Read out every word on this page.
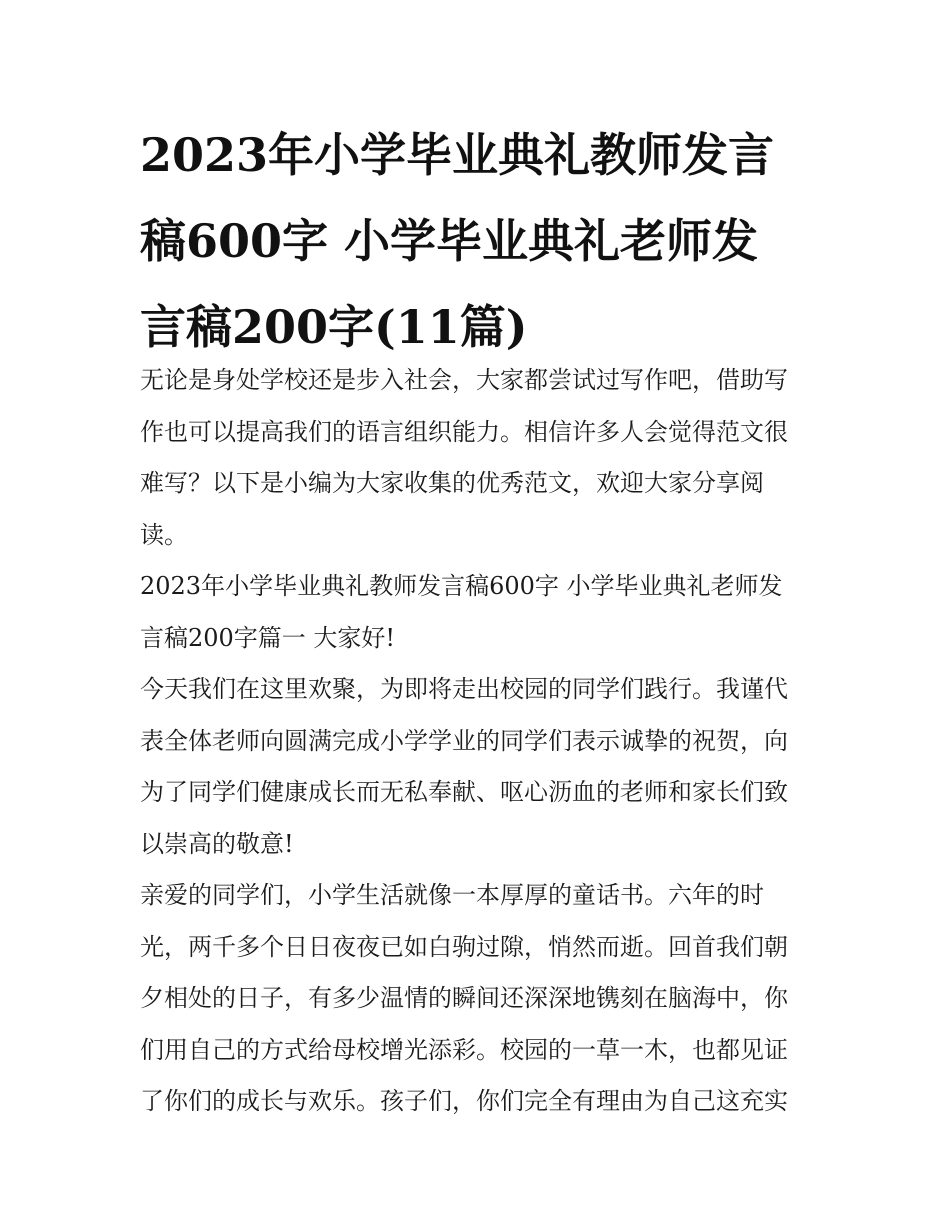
2023年小学毕业典礼教师发言
稿600字 小学毕业典礼老师发
言稿200字(11篇)
无论是身处学校还是步入社会，大家都尝试过写作吧，借助写
作也可以提高我们的语言组织能力。相信许多人会觉得范文很
难写？以下是小编为大家收集的优秀范文，欢迎大家分享阅
读。
2023年小学毕业典礼教师发言稿600字 小学毕业典礼老师发
言稿200字篇一 大家好!
今天我们在这里欢聚，为即将走出校园的同学们践行。我谨代
表全体老师向圆满完成小学学业的同学们表示诚挚的祝贺，向
为了同学们健康成长而无私奉献、呕心沥血的老师和家长们致
以崇高的敬意!
亲爱的同学们，小学生活就像一本厚厚的童话书。六年的时
光，两千多个日日夜夜已如白驹过隙，悄然而逝。回首我们朝
夕相处的日子，有多少温情的瞬间还深深地镌刻在脑海中，你
们用自己的方式给母校增光添彩。校园的一草一木，也都见证
了你们的成长与欢乐。孩子们，你们完全有理由为自己这充实
